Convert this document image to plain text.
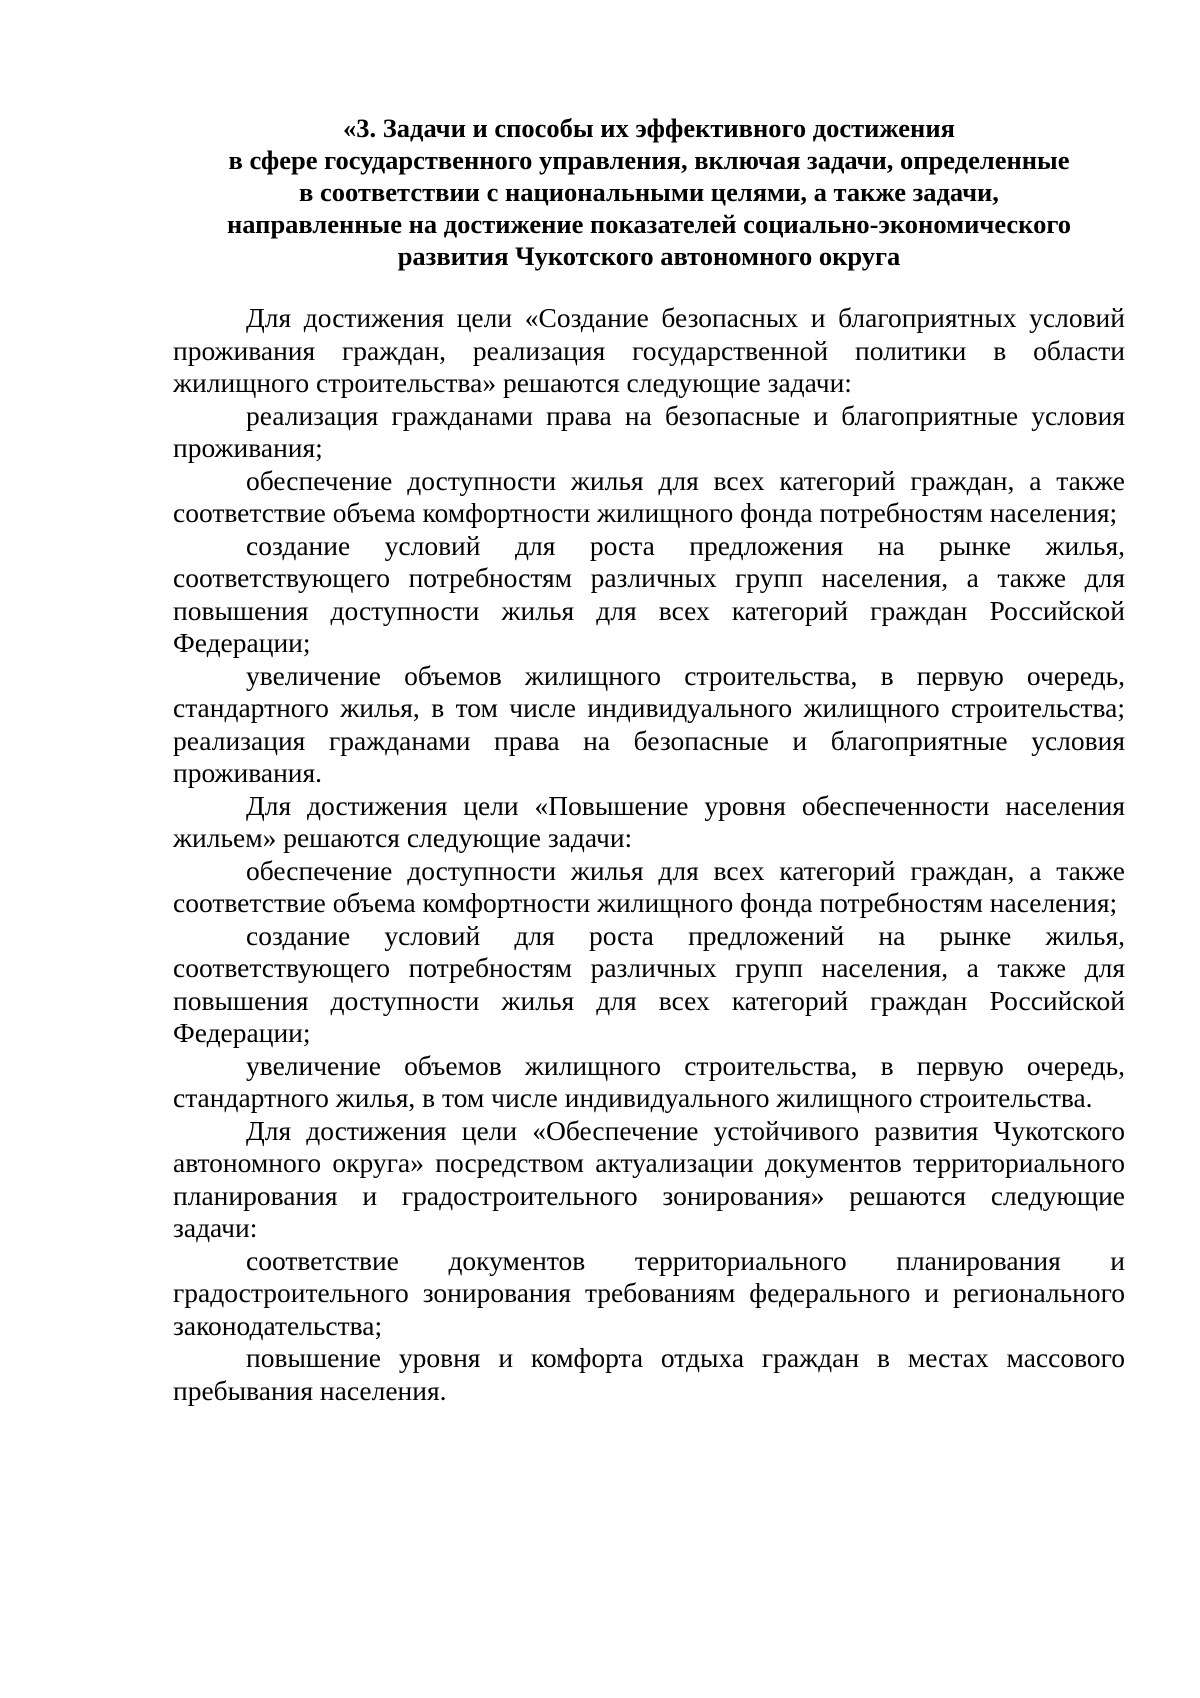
«3. Задачи и способы их эффективного достижения
в сфере государственного управления, включая задачи, определенные
в соответствии с национальными целями, а также задачи,
направленные на достижение показателей социально-экономического
развития Чукотского автономного округа

Для достижения цели «Создание безопасных и благоприятных условий проживания граждан, реализация государственной политики в области жилищного строительства» решаются следующие задачи:

реализация гражданами права на безопасные и благоприятные условия проживания;

обеспечение доступности жилья для всех категорий граждан, а также соответствие объема комфортности жилищного фонда потребностям населения;

создание условий для роста предложения на рынке жилья, соответствующего потребностям различных групп населения, а также для повышения доступности жилья для всех категорий граждан Российской Федерации;

увеличение объемов жилищного строительства, в первую очередь, стандартного жилья, в том числе индивидуального жилищного строительства; реализация гражданами права на безопасные и благоприятные условия проживания.

Для достижения цели «Повышение уровня обеспеченности населения жильем» решаются следующие задачи:

обеспечение доступности жилья для всех категорий граждан, а также соответствие объема комфортности жилищного фонда потребностям населения;

создание условий для роста предложений на рынке жилья, соответствующего потребностям различных групп населения, а также для повышения доступности жилья для всех категорий граждан Российской Федерации;

увеличение объемов жилищного строительства, в первую очередь, стандартного жилья, в том числе индивидуального жилищного строительства.

Для достижения цели «Обеспечение устойчивого развития Чукотского автономного округа» посредством актуализации документов территориального планирования и градостроительного зонирования» решаются следующие задачи:

соответствие документов территориального планирования и градостроительного зонирования требованиям федерального и регионального законодательства;

повышение уровня и комфорта отдыха граждан в местах массового пребывания населения.
